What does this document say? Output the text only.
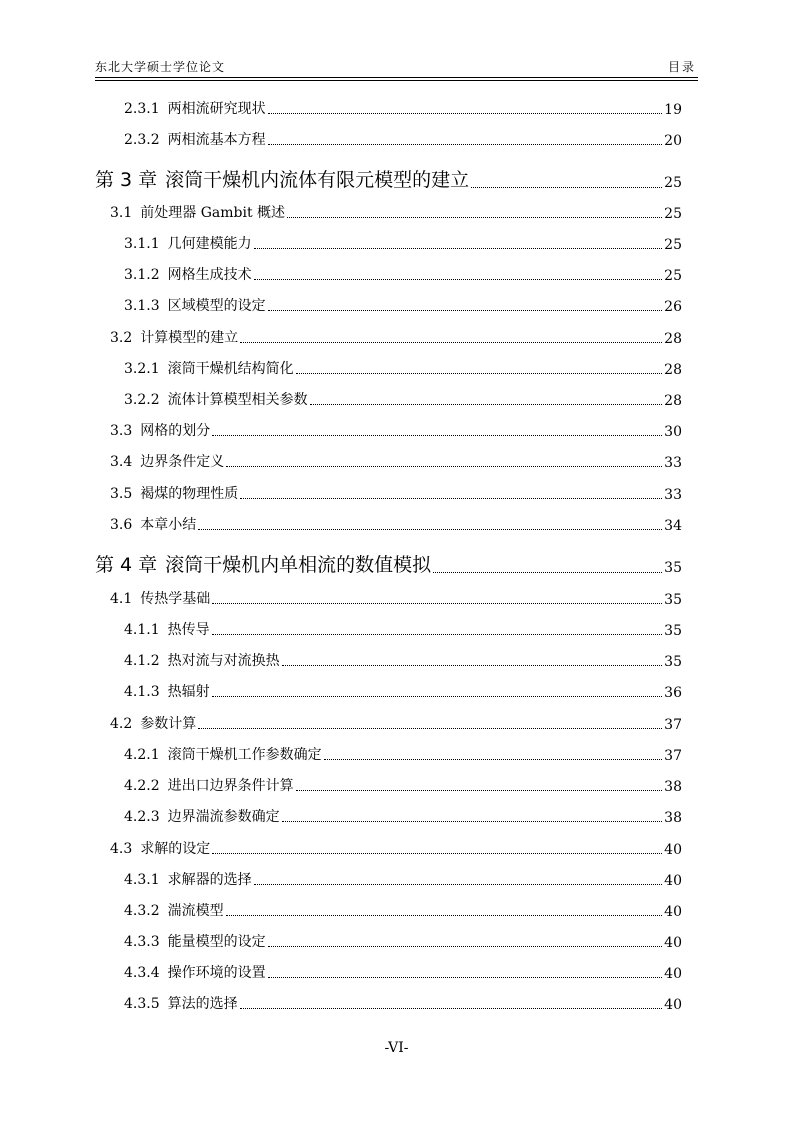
东北大学硕士学位论文	目录
2.3.1 两相流研究现状	19
2.3.2 两相流基本方程	20
第 3 章 滚筒干燥机内流体有限元模型的建立	25
3.1 前处理器 Gambit 概述	25
3.1.1 几何建模能力	25
3.1.2 网格生成技术	25
3.1.3 区域模型的设定	26
3.2 计算模型的建立	28
3.2.1 滚筒干燥机结构简化	28
3.2.2 流体计算模型相关参数	28
3.3 网格的划分	30
3.4 边界条件定义	33
3.5 褐煤的物理性质	33
3.6 本章小结	34
第 4 章 滚筒干燥机内单相流的数值模拟	35
4.1 传热学基础	35
4.1.1 热传导	35
4.1.2 热对流与对流换热	35
4.1.3 热辐射	36
4.2 参数计算	37
4.2.1 滚筒干燥机工作参数确定	37
4.2.2 进出口边界条件计算	38
4.2.3 边界湍流参数确定	38
4.3 求解的设定	40
4.3.1 求解器的选择	40
4.3.2 湍流模型	40
4.3.3 能量模型的设定	40
4.3.4 操作环境的设置	40
4.3.5 算法的选择	40
-VI-
